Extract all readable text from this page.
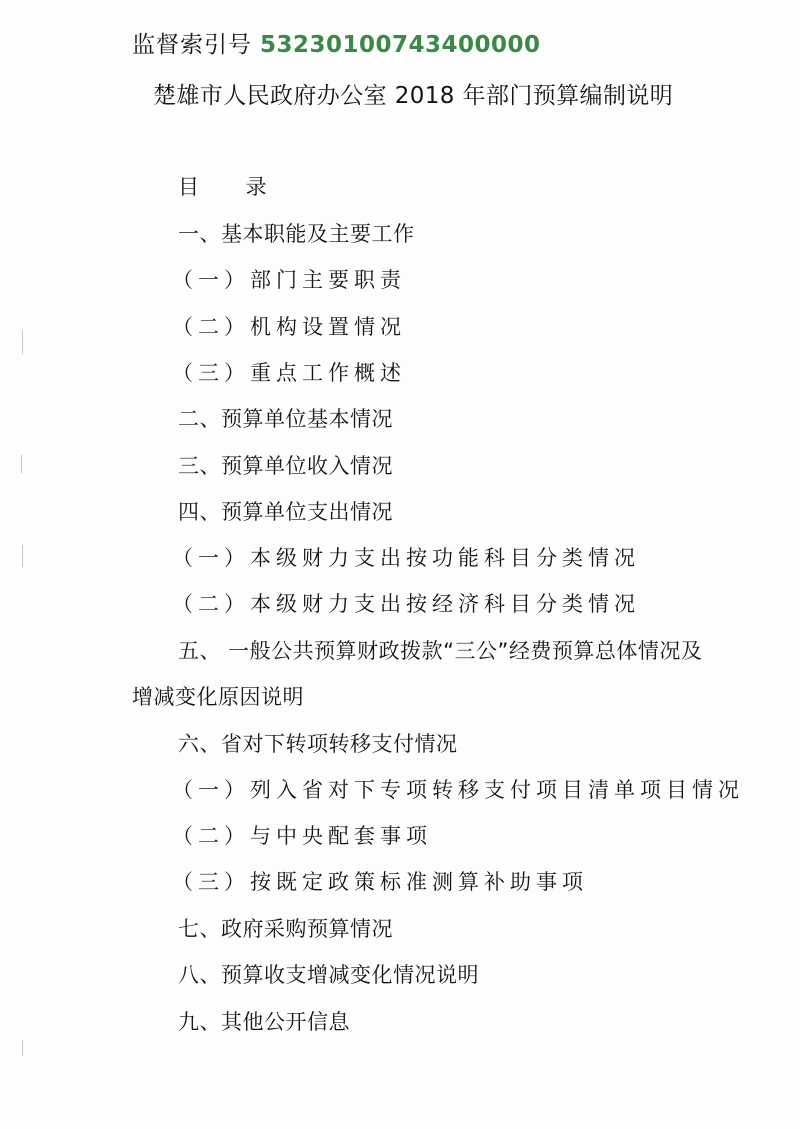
监督索引号 53230100743400000
楚雄市人民政府办公室 2018 年部门预算编制说明
目 录
一、基本职能及主要工作
（一）部门主要职责
（二）机构设置情况
（三）重点工作概述
二、预算单位基本情况
三、预算单位收入情况
四、预算单位支出情况
（一）本级财力支出按功能科目分类情况
（二）本级财力支出按经济科目分类情况
五、 一般公共预算财政拨款“三公”经费预算总体情况及
增减变化原因说明
六、省对下转项转移支付情况
（一）列入省对下专项转移支付项目清单项目情况
（二）与中央配套事项
（三）按既定政策标准测算补助事项
七、政府采购预算情况
八、预算收支增减变化情况说明
九、其他公开信息
